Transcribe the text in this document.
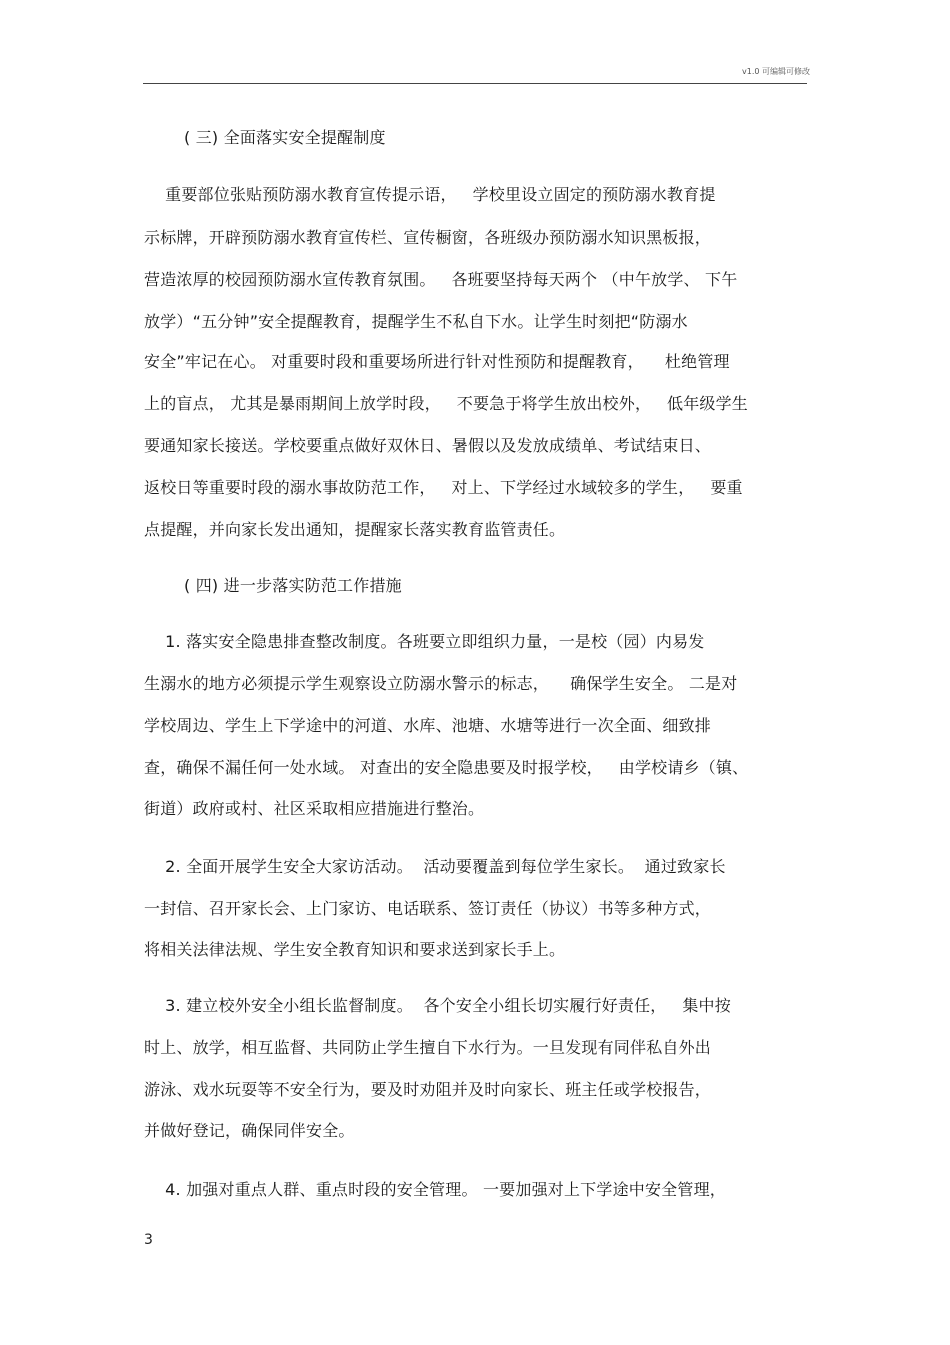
v1.0 可编辑可修改
( 三) 全面落实安全提醒制度
重要部位张贴预防溺水教育宣传提示语，   学校里设立固定的预防溺水教育提
示标牌，开辟预防溺水教育宣传栏、宣传橱窗，各班级办预防溺水知识黑板报，
营造浓厚的校园预防溺水宣传教育氛围。   各班要坚持每天两个 （中午放学、 下午
放学）“五分钟”安全提醒教育，提醒学生不私自下水。让学生时刻把“防溺水
安全”牢记在心。 对重要时段和重要场所进行针对性预防和提醒教育，    杜绝管理
上的盲点， 尤其是暴雨期间上放学时段，   不要急于将学生放出校外，   低年级学生
要通知家长接送。学校要重点做好双休日、暑假以及发放成绩单、考试结束日、
返校日等重要时段的溺水事故防范工作，   对上、下学经过水域较多的学生，   要重
点提醒，并向家长发出通知，提醒家长落实教育监管责任。
( 四) 进一步落实防范工作措施
1. 落实安全隐患排查整改制度。各班要立即组织力量，一是校（园）内易发
生溺水的地方必须提示学生观察设立防溺水警示的标志，    确保学生安全。 二是对
学校周边、学生上下学途中的河道、水库、池塘、水塘等进行一次全面、细致排
查，确保不漏任何一处水域。 对查出的安全隐患要及时报学校，   由学校请乡（镇、
街道）政府或村、社区采取相应措施进行整治。
2. 全面开展学生安全大家访活动。  活动要覆盖到每位学生家长。  通过致家长
一封信、召开家长会、上门家访、电话联系、签订责任（协议）书等多种方式，
将相关法律法规、学生安全教育知识和要求送到家长手上。
3. 建立校外安全小组长监督制度。  各个安全小组长切实履行好责任，   集中按
时上、放学，相互监督、共同防止学生擅自下水行为。一旦发现有同伴私自外出
游泳、戏水玩耍等不安全行为，要及时劝阻并及时向家长、班主任或学校报告，
并做好登记，确保同伴安全。
4. 加强对重点人群、重点时段的安全管理。 一要加强对上下学途中安全管理，
3
